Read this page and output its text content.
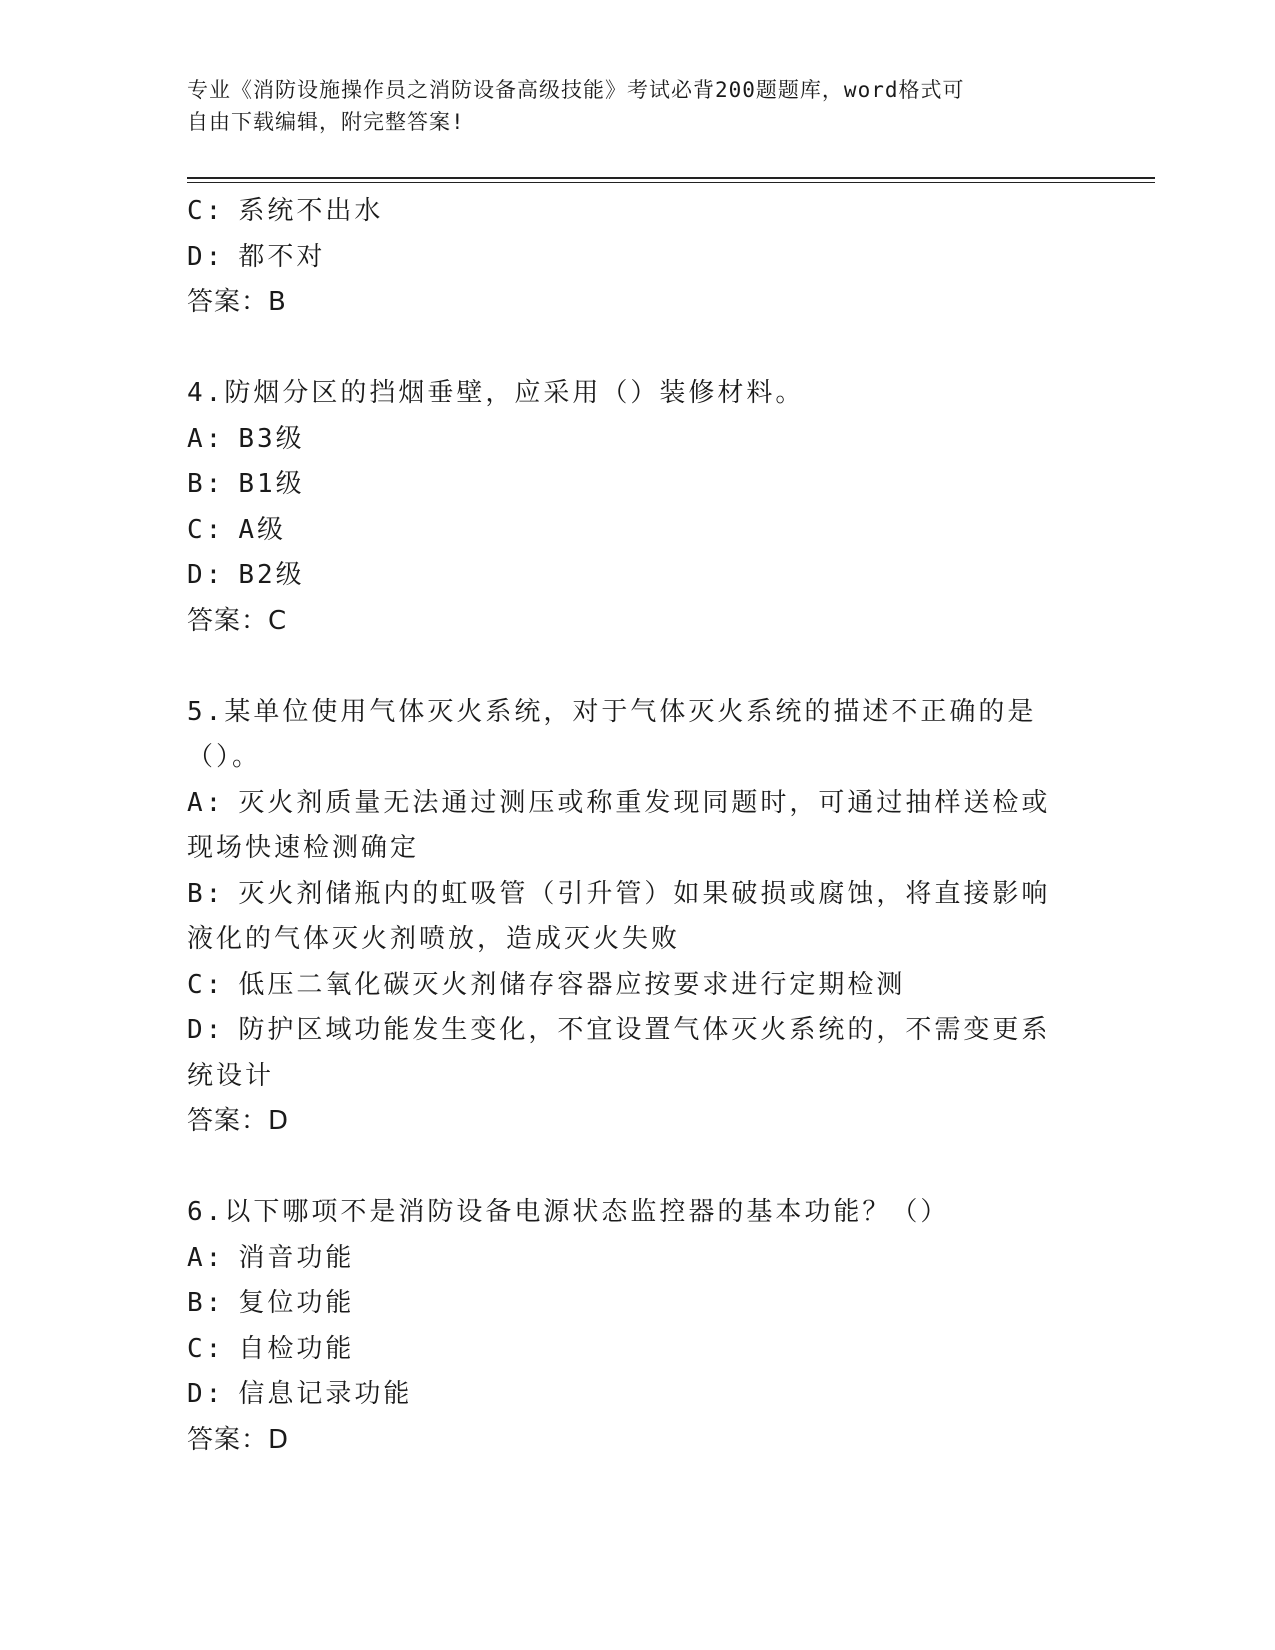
专业《消防设施操作员之消防设备高级技能》考试必背200题题库，word格式可
自由下载编辑，附完整答案!
C: 系统不出水
D: 都不对
答案：B
4.防烟分区的挡烟垂壁，应采用（）装修材料。
A: B3级
B: B1级
C: A级
D: B2级
答案：C
5.某单位使用气体灭火系统，对于气体灭火系统的描述不正确的是（）。
A: 灭火剂质量无法通过测压或称重发现同题时，可通过抽样送检或现场快速检测确定
B: 灭火剂储瓶内的虹吸管（引升管）如果破损或腐蚀，将直接影响液化的气体灭火剂喷放，造成灭火失败
C: 低压二氧化碳灭火剂储存容器应按要求进行定期检测
D: 防护区域功能发生变化，不宜设置气体灭火系统的，不需变更系统设计
答案：D
6.以下哪项不是消防设备电源状态监控器的基本功能？（）
A: 消音功能
B: 复位功能
C: 自检功能
D: 信息记录功能
答案：D
